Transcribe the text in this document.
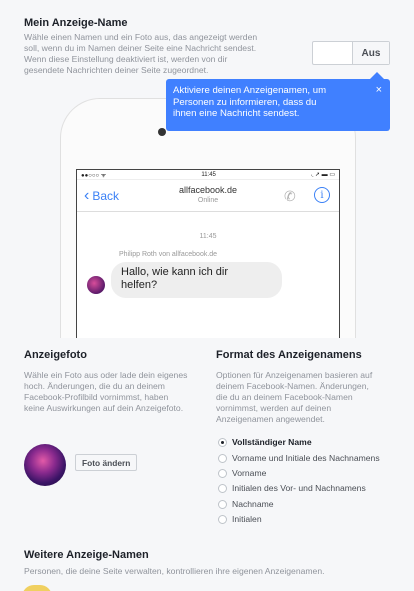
Mein Anzeige-Name
Wähle einen Namen und ein Foto aus, das angezeigt werden
soll, wenn du im Namen deiner Seite eine Nachricht sendest.
Wenn diese Einstellung deaktiviert ist, werden von dir
gesendete Nachrichten deiner Seite zugeordnet.
Aus
●●○○○ ᯤ	11:45	◟ ➚ ▬ ▭
‹ Back	allfacebook.de
Online	✆	i
11:45
Philipp Roth von allfacebook.de
Hallo, wie kann ich dir
helfen?
Aktiviere deinen Anzeigenamen, um
Personen zu informieren, dass du
ihnen eine Nachricht sendest.
×
Anzeigefoto
Wähle ein Foto aus oder lade dein eigenes
hoch. Änderungen, die du an deinem
Facebook-Profilbild vornimmst, haben
keine Auswirkungen auf dein Anzeigefoto.
Foto ändern
Format des Anzeigenamens
Optionen für Anzeigenamen basieren auf
deinem Facebook-Namen. Änderungen,
die du an deinem Facebook-Namen
vornimmst, werden auf deinen
Anzeigenamen angewendet.
Vollständiger Name
Vorname und Initiale des Nachnamens
Vorname
Initialen des Vor- und Nachnamens
Nachname
Initialen
Weitere Anzeige-Namen
Personen, die deine Seite verwalten, kontrollieren ihre eigenen Anzeigenamen.
